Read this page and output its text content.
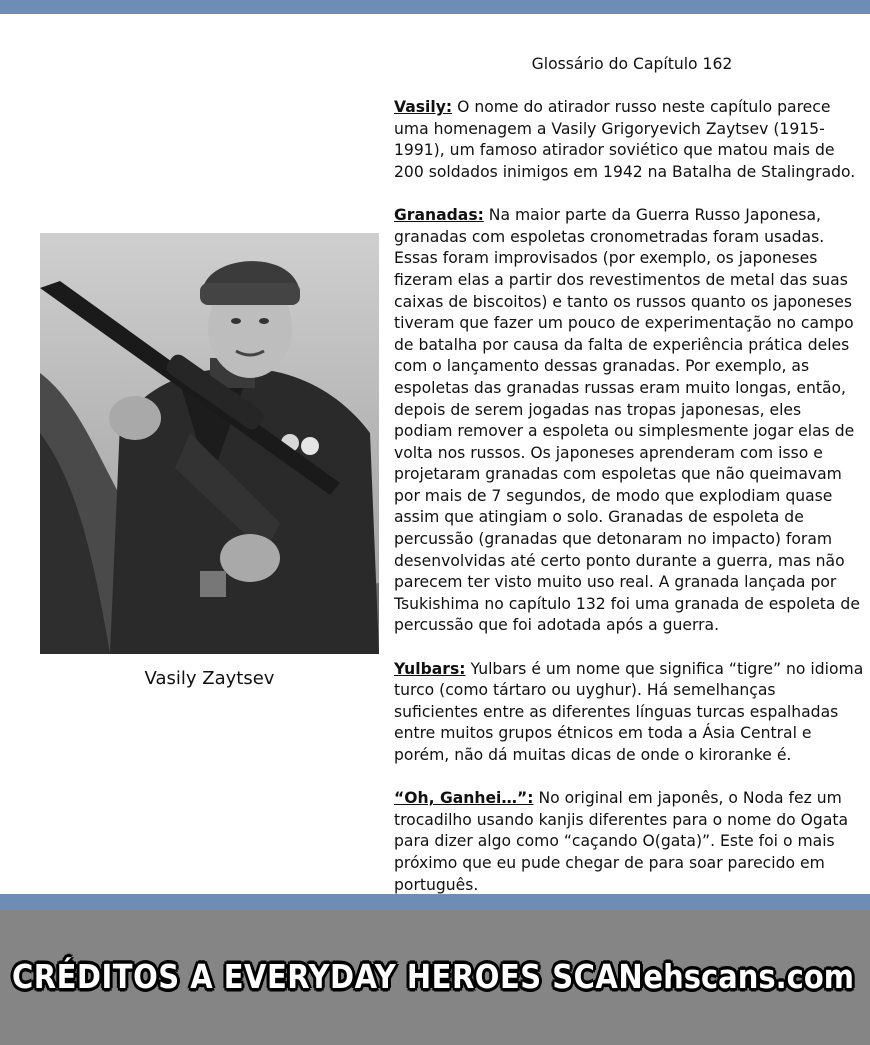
Vasily Zaytsev
Glossário do Capítulo 162

Vasily: O nome do atirador russo neste capítulo parece uma homenagem a Vasily Grigoryevich Zaytsev (1915-1991), um famoso atirador soviético que matou mais de 200 soldados inimigos em 1942 na Batalha de Stalingrado.

Granadas: Na maior parte da Guerra Russo Japonesa, granadas com espoletas cronometradas foram usadas. Essas foram improvisados (por exemplo, os japoneses fizeram elas a partir dos revestimentos de metal das suas caixas de biscoitos) e tanto os russos quanto os japoneses tiveram que fazer um pouco de experimentação no campo de batalha por causa da falta de experiência prática deles com o lançamento dessas granadas. Por exemplo, as espoletas das granadas russas eram muito longas, então, depois de serem jogadas nas tropas japonesas, eles podiam remover a espoleta ou simplesmente jogar elas de volta nos russos. Os japoneses aprenderam com isso e projetaram granadas com espoletas que não queimavam por mais de 7 segundos, de modo que explodiam quase assim que atingiam o solo. Granadas de espoleta de percussão (granadas que detonaram no impacto) foram desenvolvidas até certo ponto durante a guerra, mas não parecem ter visto muito uso real. A granada lançada por Tsukishima no capítulo 132 foi uma granada de espoleta de percussão que foi adotada após a guerra.

Yulbars: Yulbars é um nome que significa “tigre” no idioma turco (como tártaro ou uyghur). Há semelhanças suficientes entre as diferentes línguas turcas espalhadas entre muitos grupos étnicos em toda a Ásia Central e porém, não dá muitas dicas de onde o kiroranke é.

“Oh, Ganhei…”: No original em japonês, o Noda fez um trocadilho usando kanjis diferentes para o nome do Ogata para dizer algo como “caçando O(gata)”. Este foi o mais próximo que eu pude chegar de para soar parecido em português.

CRÉDITOS A EVERYDAY HEROES SCAN ehscans.com
